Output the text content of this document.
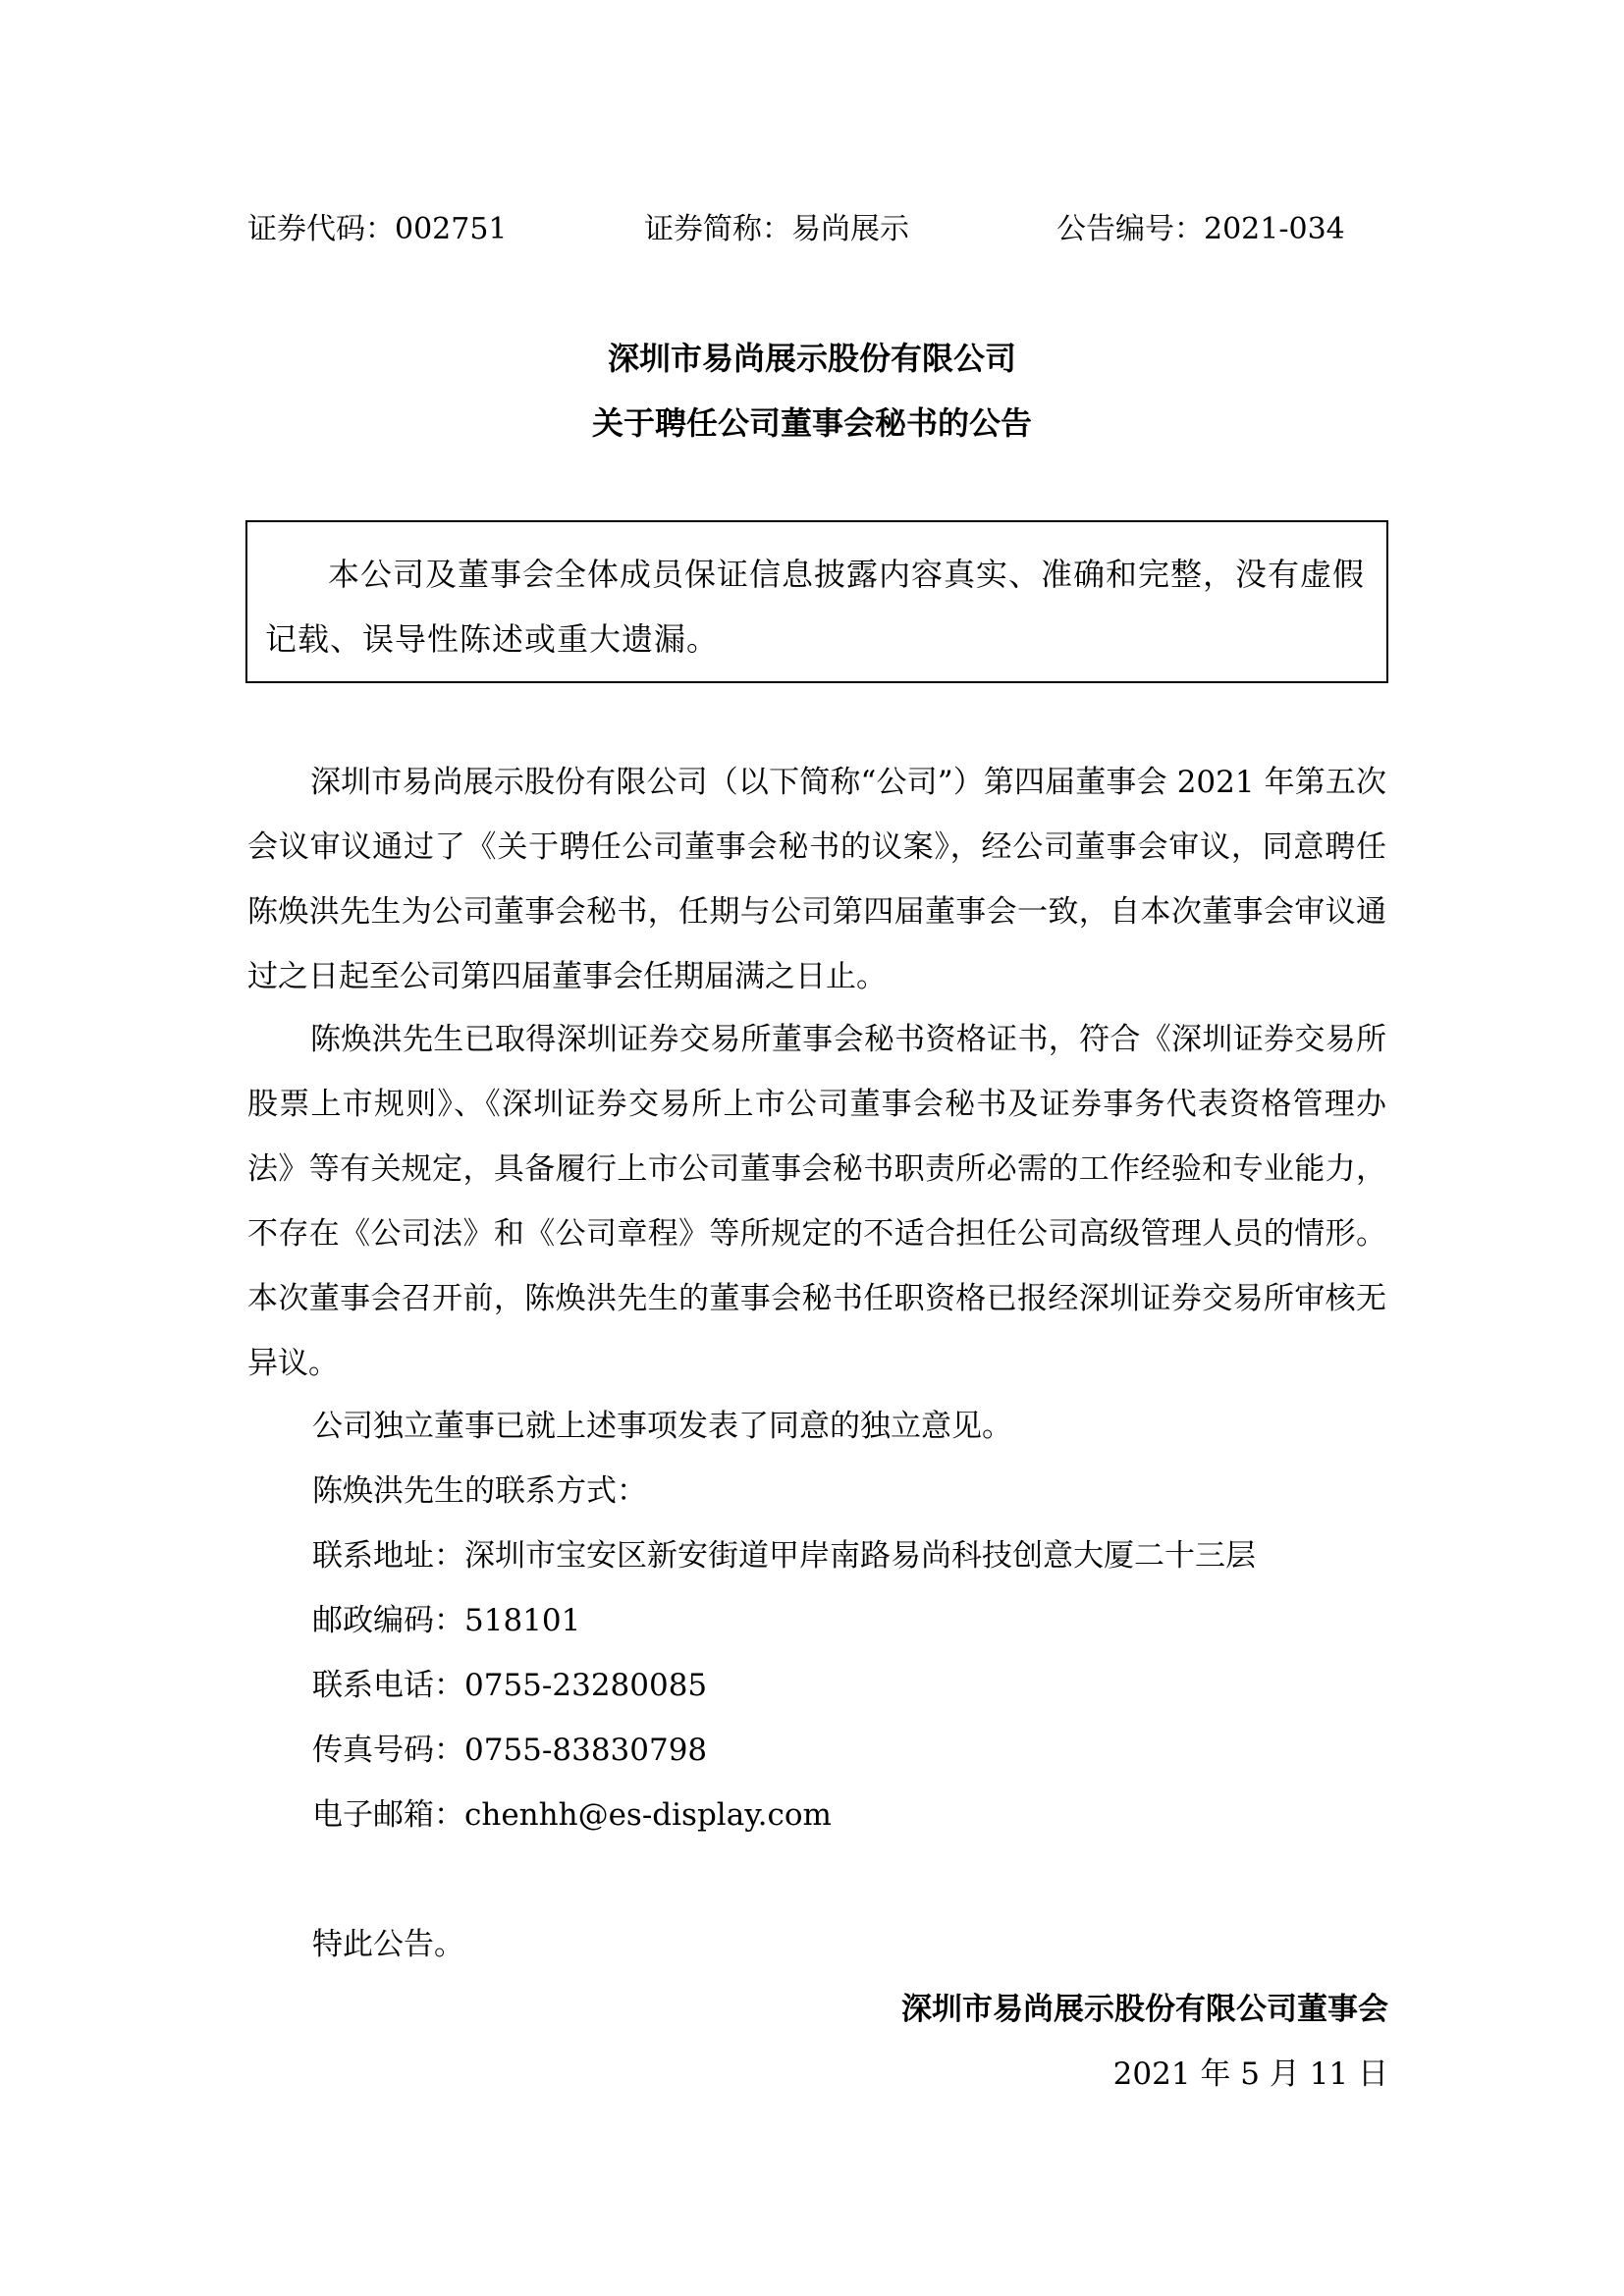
证券代码：002751	证券简称：易尚展示	公告编号：2021-034
深圳市易尚展示股份有限公司
关于聘任公司董事会秘书的公告
本公司及董事会全体成员保证信息披露内容真实、准确和完整，没有虚假
记载、误导性陈述或重大遗漏。

深圳市易尚展示股份有限公司（以下简称“公司”）第四届董事会 2021 年第五次会议审议通过了《关于聘任公司董事会秘书的议案》，经公司董事会审议，同意聘任陈焕洪先生为公司董事会秘书，任期与公司第四届董事会一致，自本次董事会审议通过之日起至公司第四届董事会任期届满之日止。

陈焕洪先生已取得深圳证券交易所董事会秘书资格证书，符合《深圳证券交易所股票上市规则》、《深圳证券交易所上市公司董事会秘书及证券事务代表资格管理办法》等有关规定，具备履行上市公司董事会秘书职责所必需的工作经验和专业能力，不存在《公司法》和《公司章程》等所规定的不适合担任公司高级管理人员的情形。本次董事会召开前，陈焕洪先生的董事会秘书任职资格已报经深圳证券交易所审核无异议。

公司独立董事已就上述事项发表了同意的独立意见。
陈焕洪先生的联系方式：
联系地址：深圳市宝安区新安街道甲岸南路易尚科技创意大厦二十三层
邮政编码：518101
联系电话：0755-23280085
传真号码：0755-83830798
电子邮箱：chenhh@es-display.com
特此公告。
深圳市易尚展示股份有限公司董事会
2021 年 5 月 11 日
